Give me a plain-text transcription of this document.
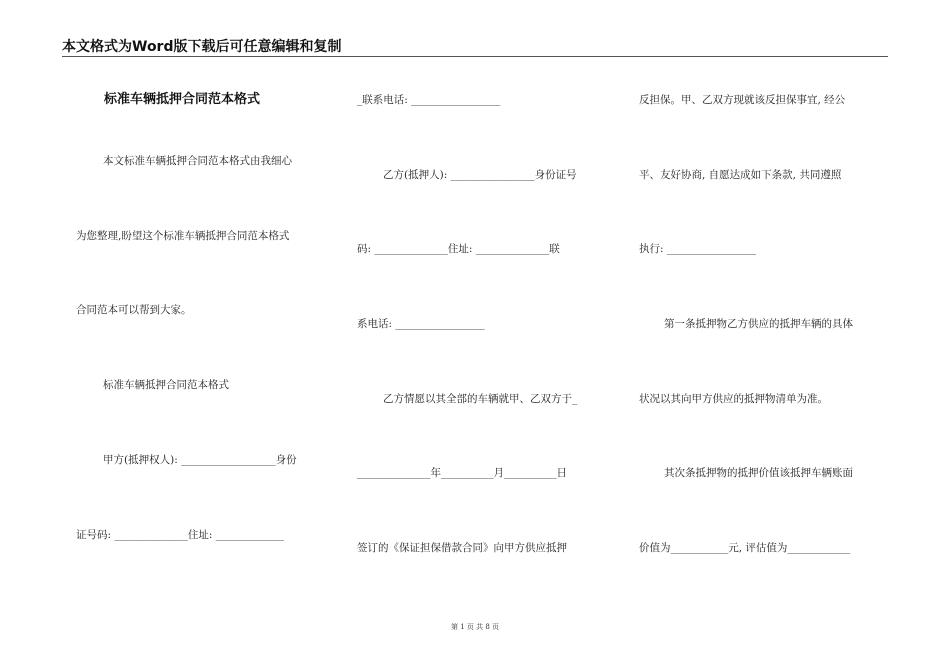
本文格式为Word版下载后可任意编辑和复制
标准车辆抵押合同范本格式
本文标准车辆抵押合同范本格式由我细心
为您整理,盼望这个标准车辆抵押合同范本格式
合同范本可以帮到大家。
标准车辆抵押合同范本格式
甲方(抵押权人): __________________身份
证号码: ______________住址: _____________
_联系电话: _________________
乙方(抵押人): ________________身份证号
码: ______________住址: ______________联
系电话: _________________
乙方情愿以其全部的车辆就甲、乙双方于_
______________年__________月__________日
签订的《保证担保借款合同》向甲方供应抵押
反担保。甲、乙双方现就该反担保事宜, 经公
平、友好协商, 自愿达成如下条款, 共同遵照
执行: _________________
第一条抵押物乙方供应的抵押车辆的具体
状况以其向甲方供应的抵押物清单为准。
其次条抵押物的抵押价值该抵押车辆账面
价值为___________元, 评估值为____________
第 1 页 共 8 页
